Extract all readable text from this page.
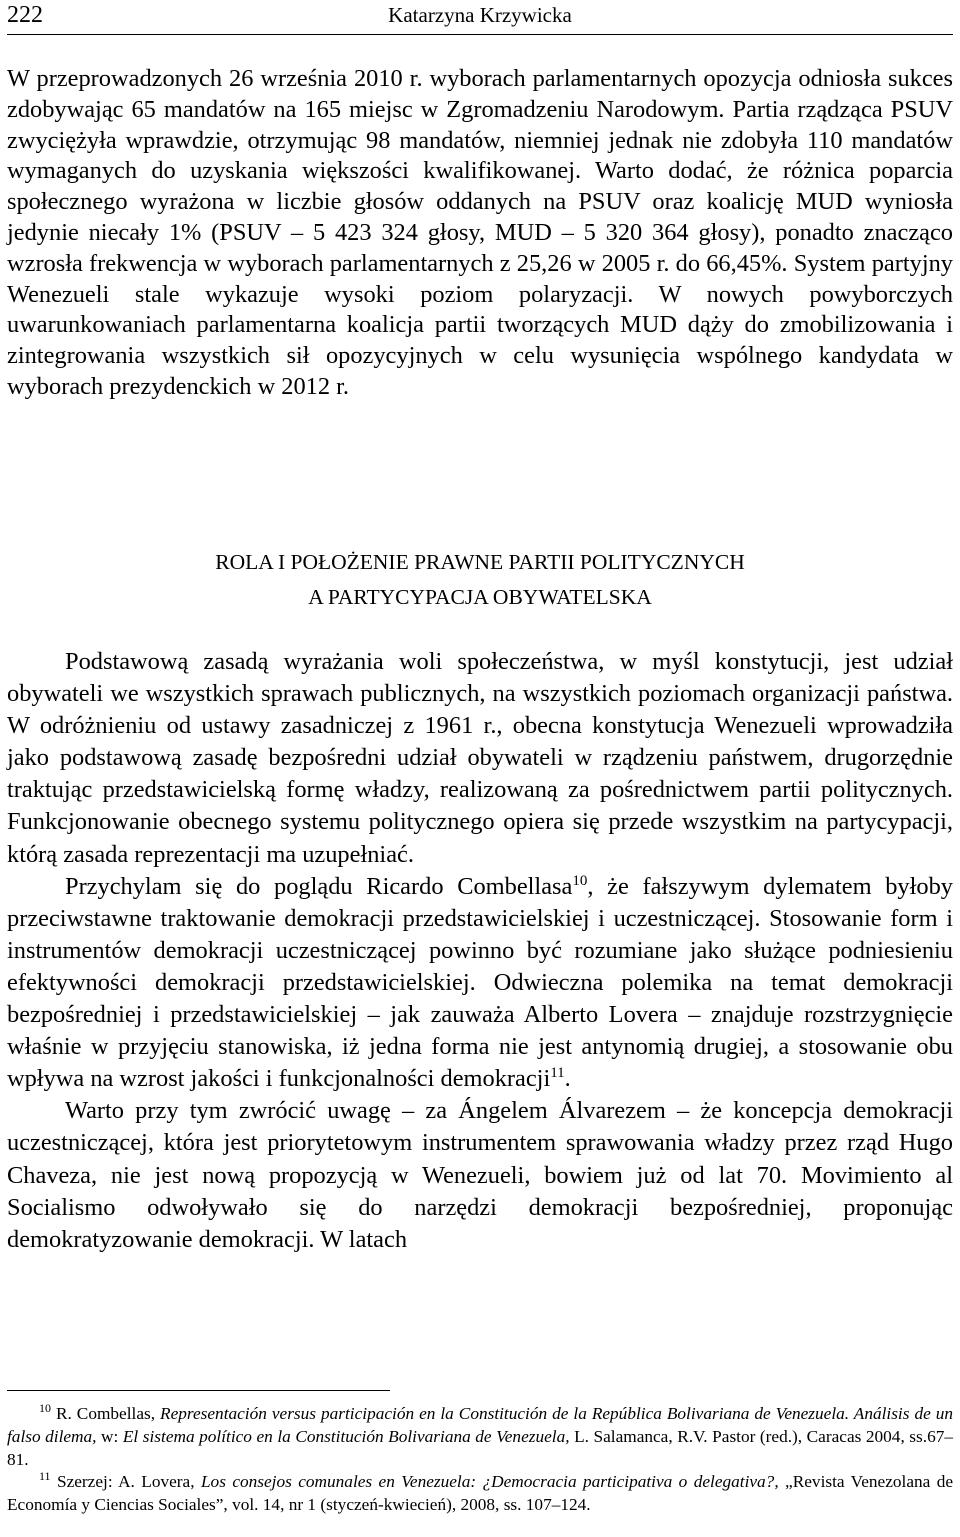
222	Katarzyna Krzywicka

W przeprowadzonych 26 września 2010 r. wyborach parlamentarnych opozycja odniosła sukces zdobywając 65 mandatów na 165 miejsc w Zgromadzeniu Narodowym. Partia rządząca PSUV zwyciężyła wprawdzie, otrzymując 98 mandatów, niemniej jednak nie zdobyła 110 mandatów wymaganych do uzyskania większości kwalifikowanej. Warto dodać, że różnica poparcia społecznego wyrażona w liczbie głosów oddanych na PSUV oraz koalicję MUD wyniosła jedynie niecały 1% (PSUV – 5 423 324 głosy, MUD – 5 320 364 głosy), ponadto znacząco wzrosła frekwencja w wyborach parlamentarnych z 25,26 w 2005 r. do 66,45%. System partyjny Wenezueli stale wykazuje wysoki poziom polaryzacji. W nowych powyborczych uwarunkowaniach parlamentarna koalicja partii tworzących MUD dąży do zmobilizowania i zintegrowania wszystkich sił opozycyjnych w celu wysunięcia wspólnego kandydata w wyborach prezydenckich w 2012 r.

ROLA I POŁOŻENIE PRAWNE PARTII POLITYCZNYCH
A PARTYCYPACJA OBYWATELSKA

Podstawową zasadą wyrażania woli społeczeństwa, w myśl konstytucji, jest udział obywateli we wszystkich sprawach publicznych, na wszystkich poziomach organizacji państwa. W odróżnieniu od ustawy zasadniczej z 1961 r., obecna konstytucja Wenezueli wprowadziła jako podstawową zasadę bezpośredni udział obywateli w rządzeniu państwem, drugorzędnie traktując przedstawicielską formę władzy, realizowaną za pośrednictwem partii politycznych. Funkcjonowanie obecnego systemu politycznego opiera się przede wszystkim na partycypacji, którą zasada reprezentacji ma uzupełniać.

Przychylam się do poglądu Ricardo Combellasa$^{10}$, że fałszywym dylematem byłoby przeciwstawne traktowanie demokracji przedstawicielskiej i uczestniczącej. Stosowanie form i instrumentów demokracji uczestniczącej powinno być rozumiane jako służące podniesieniu efektywności demokracji przedstawicielskiej. Odwieczna polemika na temat demokracji bezpośredniej i przedstawicielskiej – jak zauważa Alberto Lovera – znajduje rozstrzygnięcie właśnie w przyjęciu stanowiska, iż jedna forma nie jest antynomią drugiej, a stosowanie obu wpływa na wzrost jakości i funkcjonalności demokracji$^{11}$.

Warto przy tym zwrócić uwagę – za Ángelem Álvarezem – że koncepcja demokracji uczestniczącej, która jest priorytetowym instrumentem sprawowania władzy przez rząd Hugo Chaveza, nie jest nową propozycją w Wenezueli, bowiem już od lat 70. Movimiento al Socialismo odwoływało się do narzędzi demokracji bezpośredniej, proponując demokratyzowanie demokracji. W latach

$^{10}$ R. Combellas, Representación versus participación en la Constitución de la República Bolivariana de Venezuela. Análisis de un falso dilema, w: El sistema político en la Constitución Bolivariana de Venezuela, L. Salamanca, R.V. Pastor (red.), Caracas 2004, ss.67–81.

$^{11}$ Szerzej: A. Lovera, Los consejos comunales en Venezuela: ¿Democracia participativa o delegativa?, „Revista Venezolana de Economía y Ciencias Sociales”, vol. 14, nr 1 (styczeń-kwiecień), 2008, ss. 107–124.
